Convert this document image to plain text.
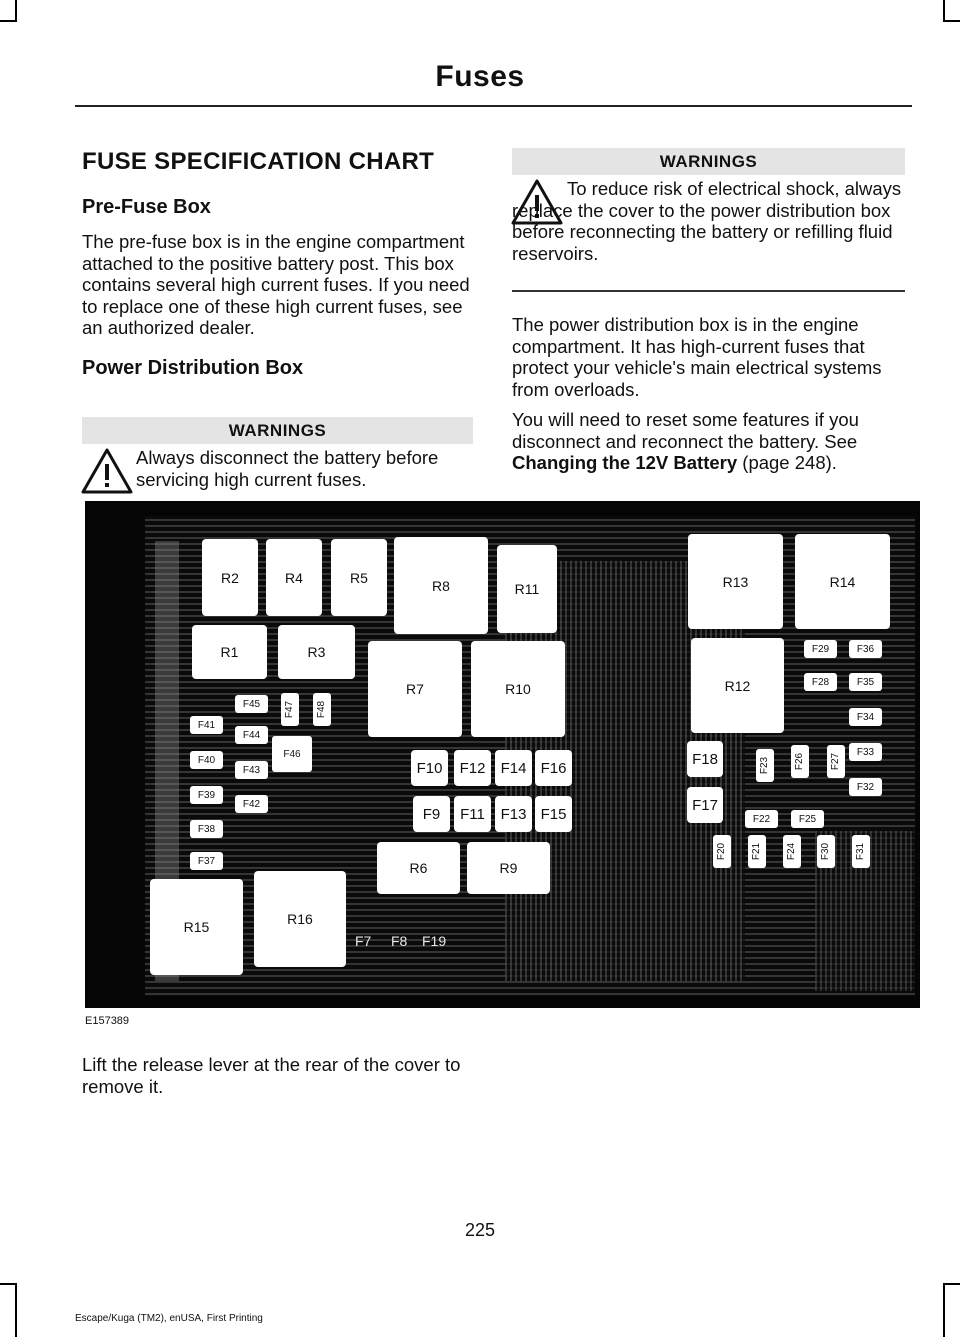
Fuses
FUSE SPECIFICATION CHART
Pre-Fuse Box

The pre-fuse box is in the engine compartment attached to the positive battery post. This box contains several high current fuses. If you need to replace one of these high current fuses, see an authorized dealer.

Power Distribution Box
WARNINGS

Always disconnect the battery before servicing high current fuses.

WARNINGS

To reduce risk of electrical shock, always replace the cover to the power distribution box before reconnecting the battery or refilling fluid reservoirs.

The power distribution box is in the engine compartment. It has high-current fuses that protect your vehicle's main electrical systems from overloads.

You will need to reset some features if you disconnect and reconnect the battery. See Changing the 12V Battery (page 248).

R2	R4	R5	R8	R11	R13	R14
R1	R3
R7	R10	R12
F29	F36
F28	F35
F34
F33
F32
F45 F47 F48
F41
F44
F40
F43
F46
F39
F42
F38
F37
F10 F12 F14 F16
F9 F11 F13 F15
F18
F17
F23 F26	F27
F22	F25
F20 F21 F24 F30 F31
R6	R9
R15	R16
F7 F8 F19
E157389

Lift the release lever at the rear of the cover to remove it.

225
Escape/Kuga (TM2), enUSA, First Printing
